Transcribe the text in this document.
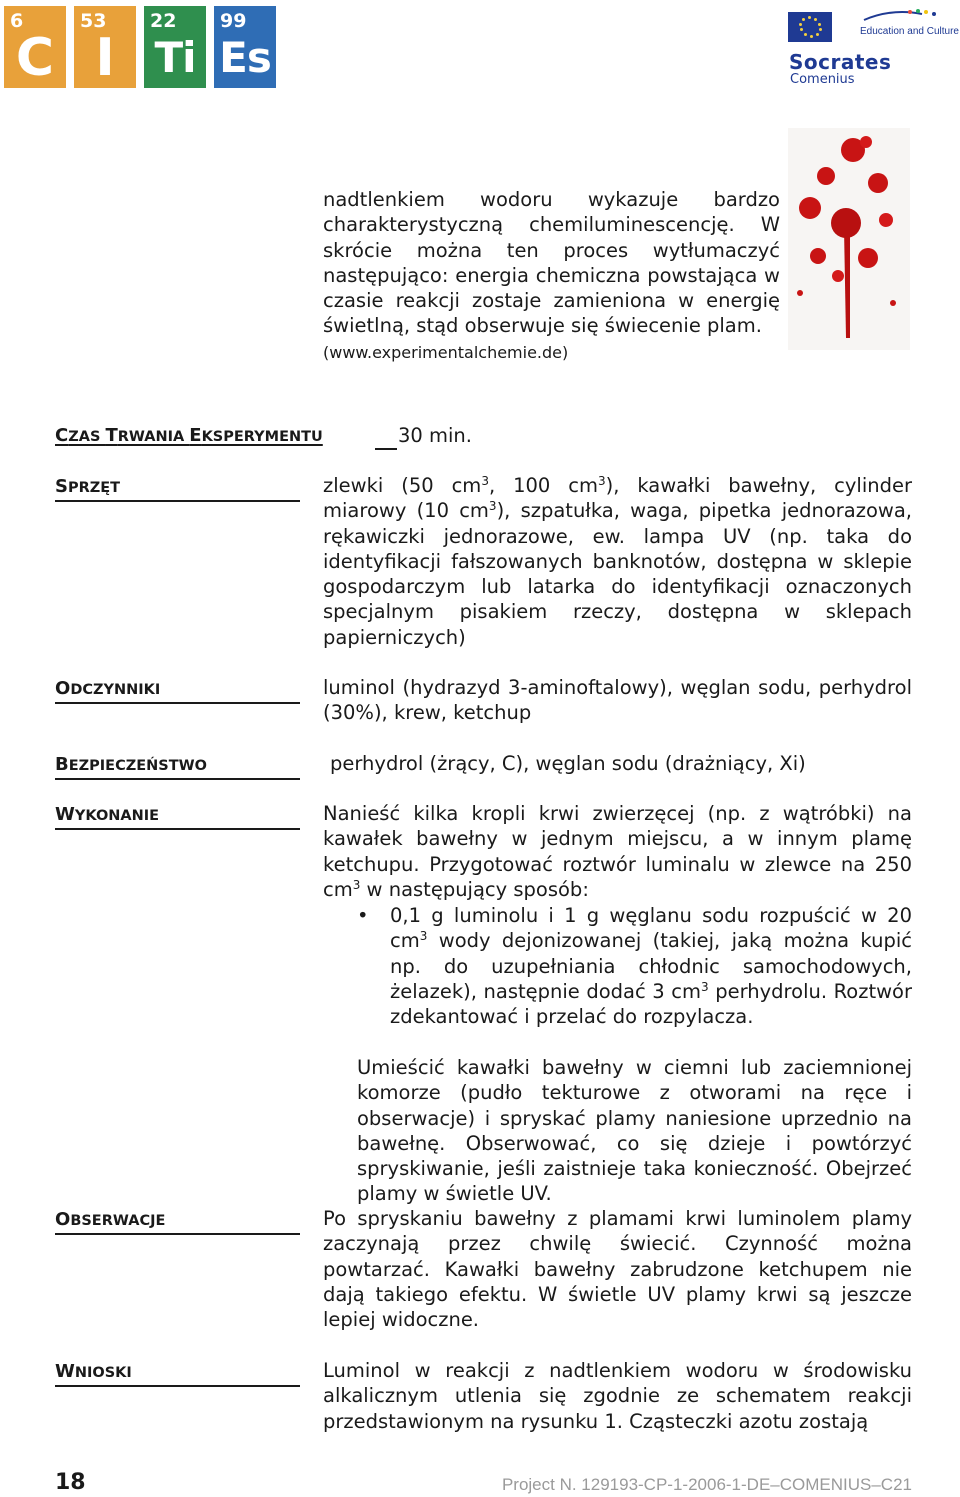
6
C
53
I
22
Ti
99
Es
Education and Culture
Socrates
Comenius
nadtlenkiem wodoru wykazuje bardzo charakterystyczną chemiluminescencję. W skrócie można ten proces wytłumaczyć następująco: energia chemiczna powstająca w czasie reakcji zostaje zamieniona w energię świetlną, stąd obserwuje się świecenie plam.
(www.experimentalchemie.de)
CZAS TRWANIA EKSPERYMENTU	30 min.
SPRZĘT	zlewki (50 $cm^3$, 100 $cm^3$), kawałki bawełny, cylinder miarowy (10 $cm^3$), szpatułka, waga, pipetka jednorazowa, rękawiczki jednorazowe, ew. lampa UV (np. taka do identyfikacji fałszowanych banknotów, dostępna w sklepie gospodarczym lub latarka do identyfikacji oznaczonych specjalnym pisakiem rzeczy, dostępna w sklepach papierniczych)
ODCZYNNIKI	luminol (hydrazyd 3-aminoftalowy), węglan sodu, perhydrol (30%), krew, ketchup
BEZPIECZEŃSTWO	perhydrol (żrący, C), węglan sodu (drażniący, Xi)
WYKONANIE	Nanieść kilka kropli krwi zwierzęcej (np. z wątróbki) na kawałek bawełny w jednym miejscu, a w innym plamę ketchupu. Przygotować roztwór luminalu w zlewce na 250 $cm^3$ w następujący sposób:
• 0,1 g luminolu i 1 g węglanu sodu rozpuścić w 20 $cm^3$ wody dejonizowanej (takiej, jaką można kupić np. do uzupełniania chłodnic samochodowych, żelazek), następnie dodać 3 $cm^3$ perhydrolu. Roztwór zdekantować i przelać do rozpylacza.
Umieścić kawałki bawełny w ciemni lub zaciemnionej komorze (pudło tekturowe z otworami na ręce i obserwacje) i spryskać plamy naniesione uprzednio na bawełnę. Obserwować, co się dzieje i powtórzyć spryskiwanie, jeśli zaistnieje taka konieczność. Obejrzeć plamy w świetle UV.
OBSERWACJE	Po spryskaniu bawełny z plamami krwi luminolem plamy zaczynają przez chwilę świecić. Czynność można powtarzać. Kawałki bawełny zabrudzone ketchupem nie dają takiego efektu. W świetle UV plamy krwi są jeszcze lepiej widoczne.
WNIOSKI	Luminol w reakcji z nadtlenkiem wodoru w środowisku alkalicznym utlenia się zgodnie ze schematem reakcji przedstawionym na rysunku 1. Cząsteczki azotu zostają
18	Project N. 129193-CP-1-2006-1-DE–COMENIUS–C21
